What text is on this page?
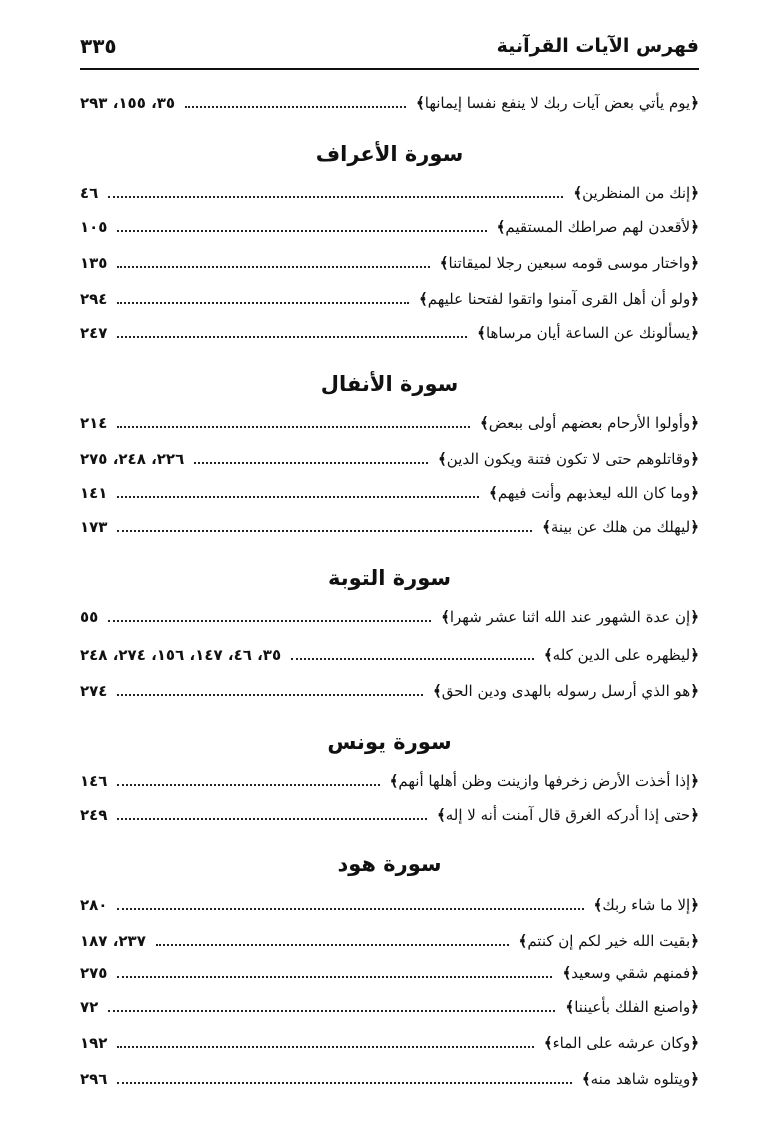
فهرس الآيات القرآنية
٣٣٥
﴿يوم يأتي بعض آيات ربك لا ينفع نفسا إيمانها﴾
٣٥، ١٥٥، ٢٩٣
سورة الأعراف
﴿إنك من المنظرين﴾
٤٦
﴿لأقعدن لهم صراطك المستقيم﴾
١٠٥
﴿واختار موسى قومه سبعين رجلا لميقاتنا﴾
١٣٥
﴿ولو أن أهل القرى آمنوا واتقوا لفتحنا عليهم﴾
٢٩٤
﴿يسألونك عن الساعة أيان مرساها﴾
٢٤٧
سورة الأنفال
﴿وأولوا الأرحام بعضهم أولى ببعض﴾
٢١٤
﴿وقاتلوهم حتى لا تكون فتنة ويكون الدين﴾
٢٢٦، ٢٤٨، ٢٧٥
﴿وما كان الله ليعذبهم وأنت فيهم﴾
١٤١
﴿ليهلك من هلك عن بينة﴾
١٧٣
سورة التوبة
﴿إن عدة الشهور عند الله اثنا عشر شهرا﴾
٥٥
﴿ليظهره على الدين كله﴾
٣٥، ٤٦، ١٤٧، ١٥٦، ٢٧٤، ٢٤٨
﴿هو الذي أرسل رسوله بالهدى ودين الحق﴾
٢٧٤
سورة يونس
﴿إذا أخذت الأرض زخرفها وازينت وظن أهلها أنهم﴾
١٤٦
﴿حتى إذا أدركه الغرق قال آمنت أنه لا إله﴾
٢٤٩
سورة هود
﴿إلا ما شاء ربك﴾
٢٨٠
﴿بقيت الله خير لكم إن كنتم﴾
٢٣٧، ١٨٧
﴿فمنهم شقي وسعيد﴾
٢٧٥
﴿واصنع الفلك بأعيننا﴾
٧٢
﴿وكان عرشه على الماء﴾
١٩٢
﴿ويتلوه شاهد منه﴾
٢٩٦
